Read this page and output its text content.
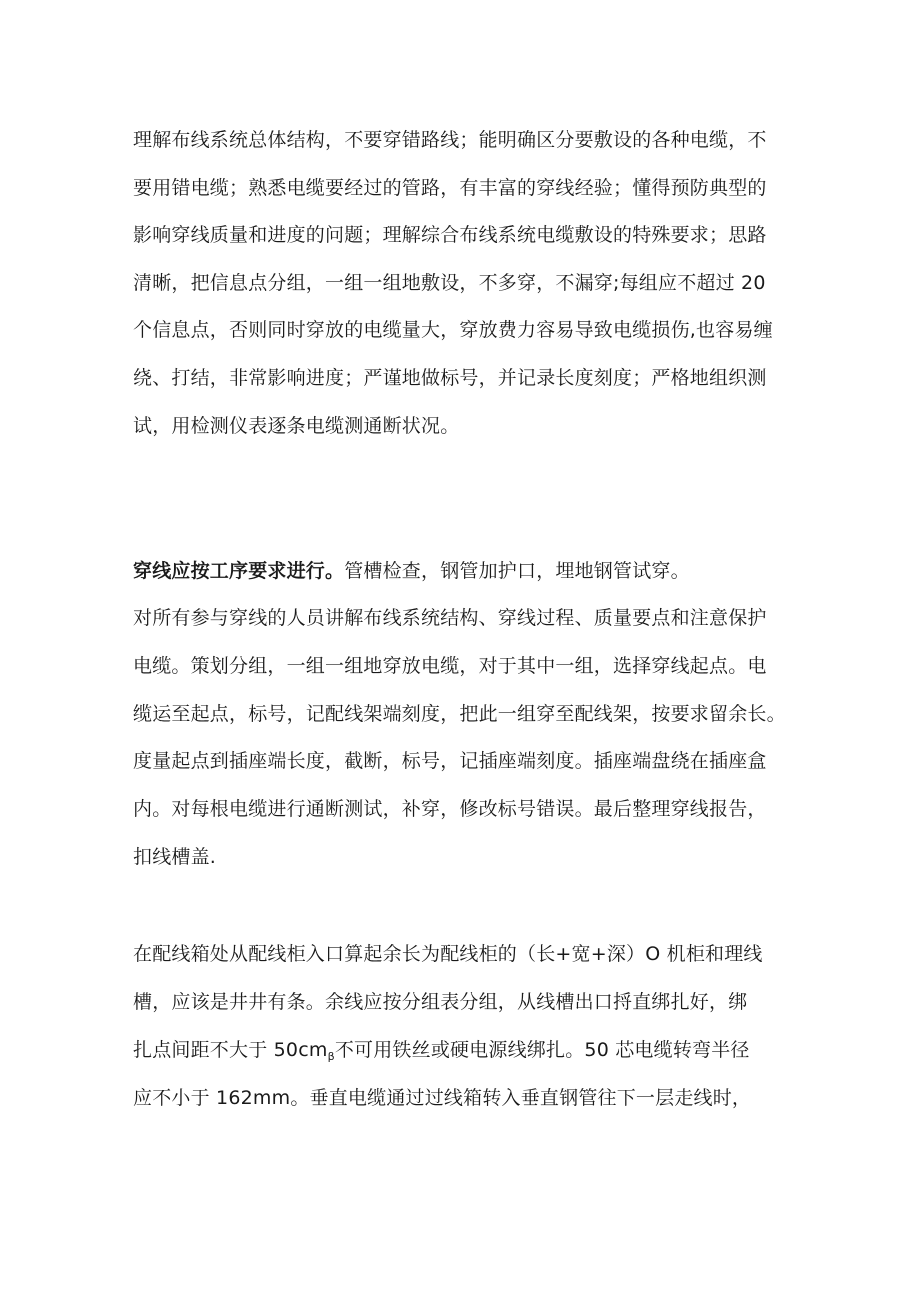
理解布线系统总体结构，不要穿错路线；能明确区分要敷设的各种电缆，不
要用错电缆；熟悉电缆要经过的管路，有丰富的穿线经验；懂得预防典型的
影响穿线质量和进度的问题；理解综合布线系统电缆敷设的特殊要求；思路
清晰，把信息点分组，一组一组地敷设，不多穿，不漏穿;每组应不超过 20
个信息点，否则同时穿放的电缆量大，穿放费力容易导致电缆损伤,也容易缠
绕、打结，非常影响进度；严谨地做标号，并记录长度刻度；严格地组织测
试，用检测仪表逐条电缆测通断状况。
穿线应按工序要求进行。管槽检查，钢管加护口，埋地钢管试穿。
对所有参与穿线的人员讲解布线系统结构、穿线过程、质量要点和注意保护
电缆。策划分组，一组一组地穿放电缆，对于其中一组，选择穿线起点。电
缆运至起点，标号，记配线架端刻度，把此一组穿至配线架，按要求留余长。
度量起点到插座端长度，截断，标号，记插座端刻度。插座端盘绕在插座盒
内。对每根电缆进行通断测试，补穿，修改标号错误。最后整理穿线报告，
扣线槽盖.
在配线箱处从配线柜入口算起余长为配线柜的（长+宽+深）O 机柜和理线
槽，应该是井井有条。余线应按分组表分组，从线槽出口捋直绑扎好，绑
扎点间距不大于 $50cm_\beta$不可用铁丝或硬电源线绑扎。50 芯电缆转弯半径
应不小于 162mm。垂直电缆通过过线箱转入垂直钢管往下一层走线时，
